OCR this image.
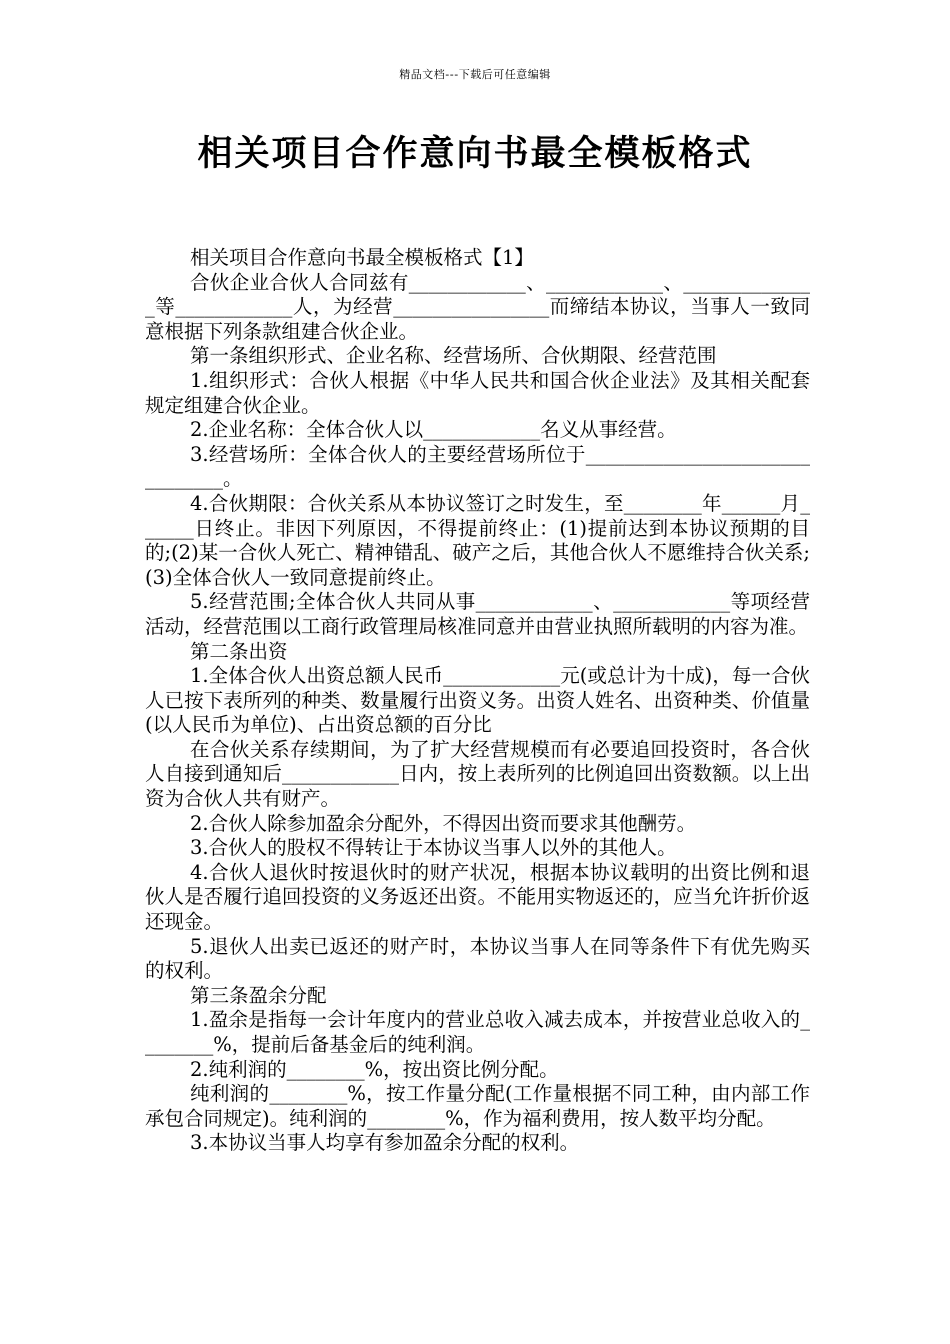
精品文档---下载后可任意编辑
相关项目合作意向书最全模板格式

相关项目合作意向书最全模板格式【1】

合伙企业合伙人合同兹有____________、____________、______________等____________人，为经营________________而缔结本协议，当事人一致同意根据下列条款组建合伙企业。

第一条组织形式、企业名称、经营场所、合伙期限、经营范围

1.组织形式：合伙人根据《中华人民共和国合伙企业法》及其相关配套规定组建合伙企业。

2.企业名称：全体合伙人以____________名义从事经营。

3.经营场所：全体合伙人的主要经营场所位于_______________________________。

4.合伙期限：合伙关系从本协议签订之时发生，至________年______月______日终止。非因下列原因，不得提前终止：(1)提前达到本协议预期的目的;(2)某一合伙人死亡、精神错乱、破产之后，其他合伙人不愿维持合伙关系;(3)全体合伙人一致同意提前终止。

5.经营范围;全体合伙人共同从事____________、____________等项经营活动，经营范围以工商行政管理局核准同意并由营业执照所载明的内容为准。

第二条出资

1.全体合伙人出资总额人民币____________元(或总计为十成)，每一合伙人已按下表所列的种类、数量履行出资义务。出资人姓名、出资种类、价值量(以人民币为单位)、占出资总额的百分比

在合伙关系存续期间，为了扩大经营规模而有必要追回投资时，各合伙人自接到通知后____________日内，按上表所列的比例追回出资数额。以上出资为合伙人共有财产。

2.合伙人除参加盈余分配外，不得因出资而要求其他酬劳。

3.合伙人的股权不得转让于本协议当事人以外的其他人。

4.合伙人退伙时按退伙时的财产状况，根据本协议载明的出资比例和退伙人是否履行追回投资的义务返还出资。不能用实物返还的，应当允许折价返还现金。

5.退伙人出卖已返还的财产时，本协议当事人在同等条件下有优先购买的权利。

第三条盈余分配

1.盈余是指每一会计年度内的营业总收入减去成本，并按营业总收入的________%，提前后备基金后的纯利润。

2.纯利润的________%，按出资比例分配。

纯利润的________%，按工作量分配(工作量根据不同工种，由内部工作承包合同规定)。纯利润的________%，作为福利费用，按人数平均分配。

3.本协议当事人均享有参加盈余分配的权利。
